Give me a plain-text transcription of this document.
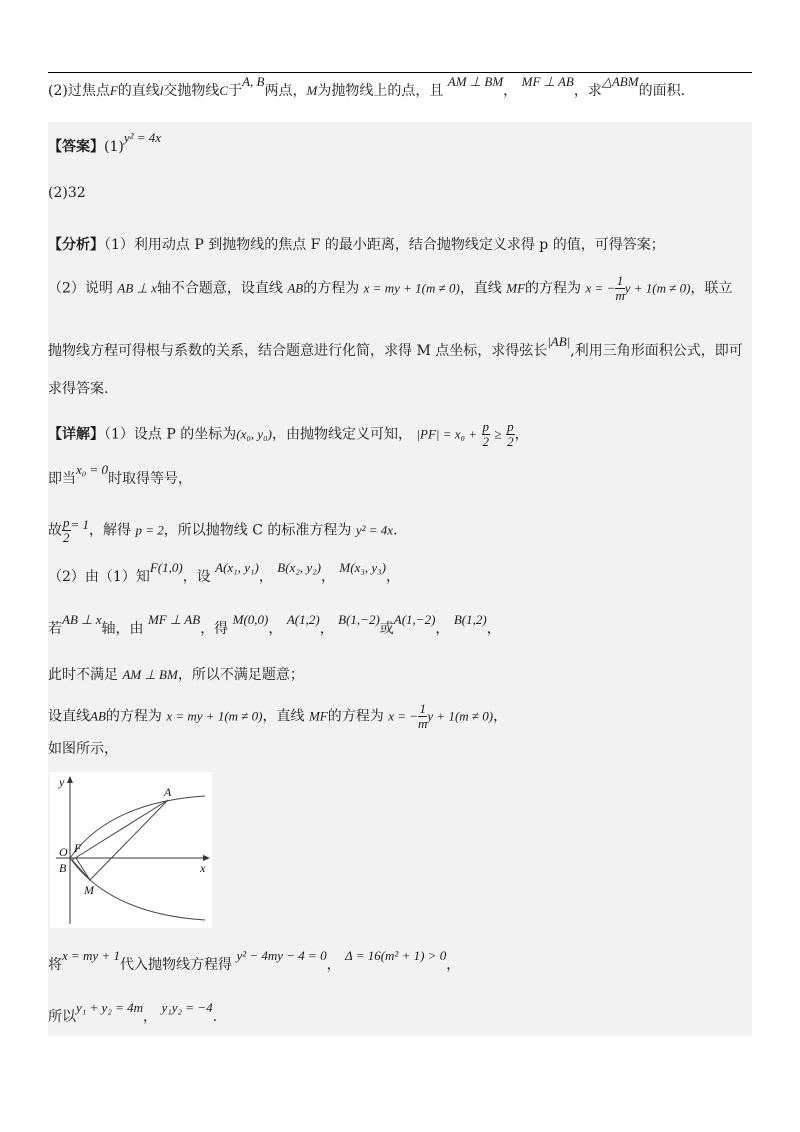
(2)过焦点F的直线l交抛物线C于A, B两点，M为抛物线上的点，且 AM ⊥ BM， MF ⊥ AB，求△ABM的面积.
【答案】(1)y² = 4x
(2)32
【分析】（1）利用动点 P 到抛物线的焦点 F 的最小距离，结合抛物线定义求得 p 的值，可得答案；
（2）说明 AB ⊥ x轴不合题意，设直线 AB的方程为 x = my + 1(m ≠ 0)，直线 MF的方程为 x = − $\frac{1}{m}$ y + 1(m ≠ 0)，联立
抛物线方程可得根与系数的关系，结合题意进行化简，求得 M 点坐标，求得弦长|AB|,利用三角形面积公式，即可
求得答案.
【详解】（1）设点 P 的坐标为(x₀, y₀)，由抛物线定义可知， $|PF| = x_0 + \frac{p}{2} \ge \frac{p}{2}$ ，
即当x₀ = 0时取得等号，
故 $\frac{p}{2} = 1$，解得 p = 2，所以抛物线 C 的标准方程为 y² = 4x.
（2）由（1）知F(1,0)，设 A(x₁, y₁)， B(x₂, y₂)， M(x₃, y₃)，
若AB ⊥ x轴，由 MF ⊥ AB，得 M(0,0)， A(1,2)， B(1,−2)或A(1,−2)， B(1,2)，
此时不满足 AM ⊥ BM，所以不满足题意；
设直线AB的方程为 x = my + 1(m ≠ 0)，直线 MF的方程为 x = − $\frac{1}{m}$ y + 1(m ≠ 0)，
如图所示，
y
x
O F
B
A
M
将x = my + 1代入抛物线方程得 y² − 4my − 4 = 0， Δ = 16(m² + 1) > 0，
所以y₁ + y₂ = 4m， y₁y₂ = −4.
